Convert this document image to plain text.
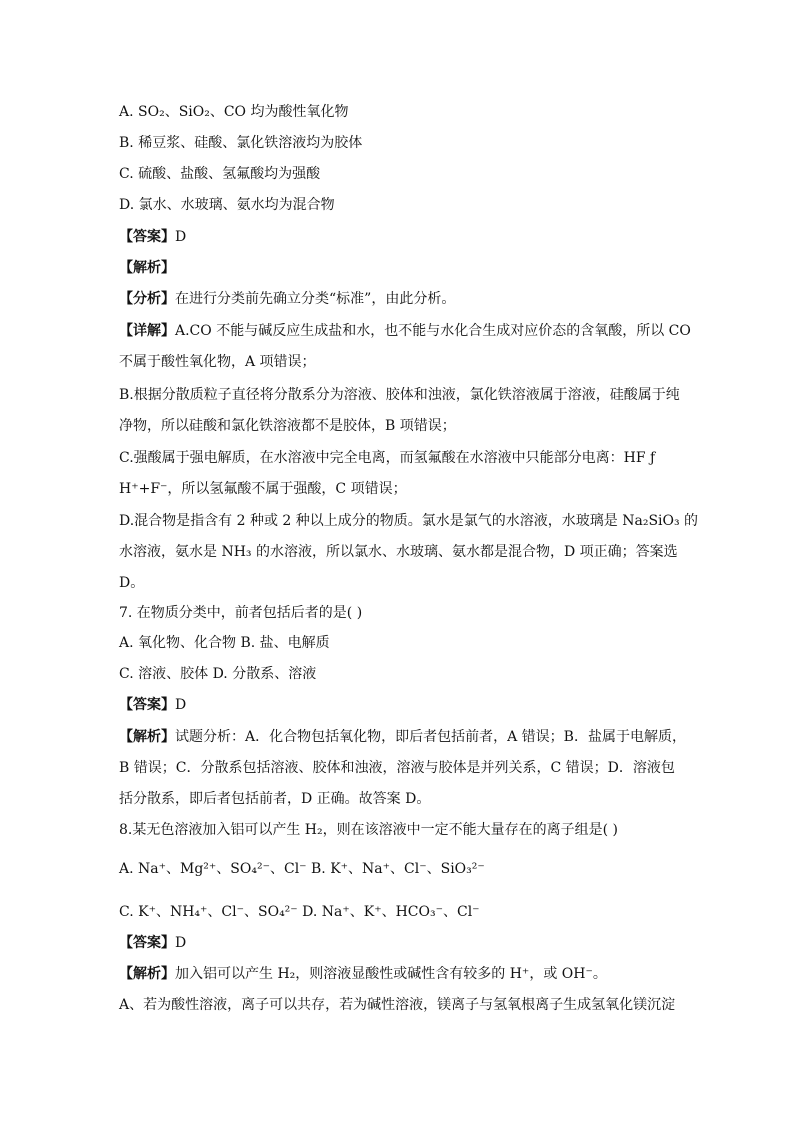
A. SO₂、SiO₂、CO 均为酸性氧化物
B. 稀豆浆、硅酸、氯化铁溶液均为胶体
C. 硫酸、盐酸、氢氟酸均为强酸
D. 氯水、水玻璃、氨水均为混合物
【答案】D
【解析】
【分析】在进行分类前先确立分类“标准”，由此分析。
【详解】A.CO 不能与碱反应生成盐和水，也不能与水化合生成对应价态的含氧酸，所以 CO
不属于酸性氧化物，A 项错误；
B.根据分散质粒子直径将分散系分为溶液、胶体和浊液，氯化铁溶液属于溶液，硅酸属于纯
净物，所以硅酸和氯化铁溶液都不是胶体，B 项错误；
C.强酸属于强电解质，在水溶液中完全电离，而氢氟酸在水溶液中只能部分电离：HF ƒ
H⁺+F⁻，所以氢氟酸不属于强酸，C 项错误；
D.混合物是指含有 2 种或 2 种以上成分的物质。氯水是氯气的水溶液，水玻璃是 Na₂SiO₃ 的
水溶液，氨水是 NH₃ 的水溶液，所以氯水、水玻璃、氨水都是混合物，D 项正确；答案选
D。
7. 在物质分类中，前者包括后者的是( )
A. 氧化物、化合物 B. 盐、电解质
C. 溶液、胶体 D. 分散系、溶液
【答案】D
【解析】试题分析：A．化合物包括氧化物，即后者包括前者，A 错误；B．盐属于电解质，
B 错误；C．分散系包括溶液、胶体和浊液，溶液与胶体是并列关系，C 错误；D．溶液包
括分散系，即后者包括前者，D 正确。故答案 D。
8.某无色溶液加入铝可以产生 H₂，则在该溶液中一定不能大量存在的离子组是( )
A. Na⁺、Mg²⁺、SO₄²⁻、Cl⁻ B. K⁺、Na⁺、Cl⁻、SiO₃²⁻
C. K⁺、NH₄⁺、Cl⁻、SO₄²⁻ D. Na⁺、K⁺、HCO₃⁻、Cl⁻
【答案】D
【解析】加入铝可以产生 H₂，则溶液显酸性或碱性含有较多的 H⁺，或 OH⁻。
A、若为酸性溶液，离子可以共存，若为碱性溶液，镁离子与氢氧根离子生成氢氧化镁沉淀
